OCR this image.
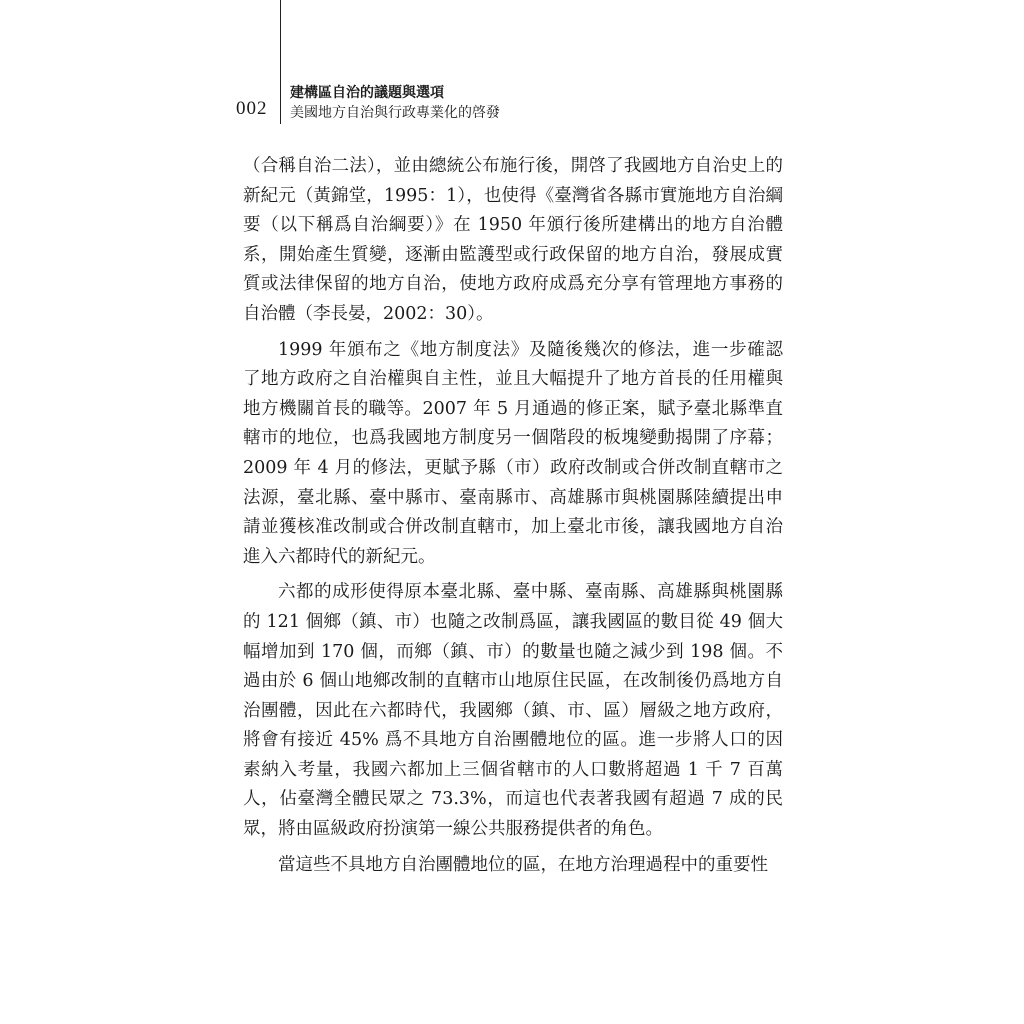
002
建構區自治的議題與選項
美國地方自治與行政專業化的啓發

（合稱自治二法），並由總統公布施行後，開啓了我國地方自治史上的新紀元（黃錦堂，1995：1），也使得《臺灣省各縣市實施地方自治綱要（以下稱爲自治綱要）》在 1950 年頒行後所建構出的地方自治體系，開始產生質變，逐漸由監護型或行政保留的地方自治，發展成實質或法律保留的地方自治，使地方政府成爲充分享有管理地方事務的自治體（李長晏，2002：30）。

1999 年頒布之《地方制度法》及隨後幾次的修法，進一步確認了地方政府之自治權與自主性，並且大幅提升了地方首長的任用權與地方機關首長的職等。2007 年 5 月通過的修正案，賦予臺北縣準直轄市的地位，也爲我國地方制度另一個階段的板塊變動揭開了序幕；2009 年 4 月的修法，更賦予縣（市）政府改制或合併改制直轄市之法源，臺北縣、臺中縣市、臺南縣市、高雄縣市與桃園縣陸續提出申請並獲核准改制或合併改制直轄市，加上臺北市後，讓我國地方自治進入六都時代的新紀元。

六都的成形使得原本臺北縣、臺中縣、臺南縣、高雄縣與桃園縣的 121 個鄉（鎮、市）也隨之改制爲區，讓我國區的數目從 49 個大幅增加到 170 個，而鄉（鎮、市）的數量也隨之減少到 198 個。不過由於 6 個山地鄉改制的直轄市山地原住民區，在改制後仍爲地方自治團體，因此在六都時代，我國鄉（鎮、市、區）層級之地方政府，將會有接近 45% 爲不具地方自治團體地位的區。進一步將人口的因素納入考量，我國六都加上三個省轄市的人口數將超過 1 千 7 百萬人，佔臺灣全體民眾之 73.3%，而這也代表著我國有超過 7 成的民眾，將由區級政府扮演第一線公共服務提供者的角色。

當這些不具地方自治團體地位的區，在地方治理過程中的重要性
